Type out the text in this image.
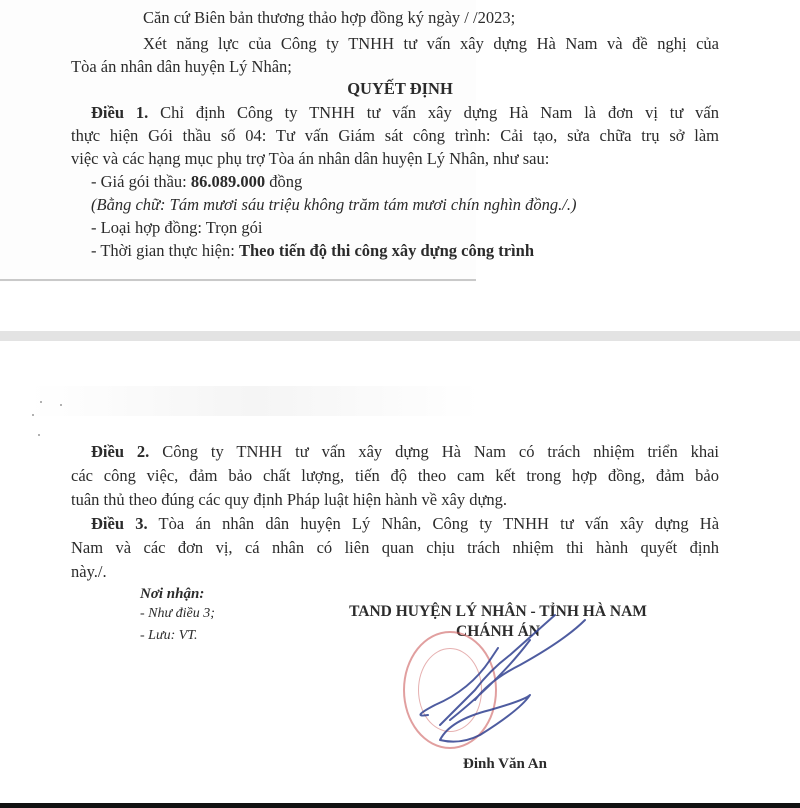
Căn cứ Biên bản thương thảo hợp đồng ký ngày / /2023;
Xét năng lực của Công ty TNHH tư vấn xây dựng Hà Nam và đề nghị của
Tòa án nhân dân huyện Lý Nhân;
QUYẾT ĐỊNH
Điều 1. Chỉ định Công ty TNHH tư vấn xây dựng Hà Nam là đơn vị tư vấn
thực hiện Gói thầu số 04: Tư vấn Giám sát công trình: Cải tạo, sửa chữa trụ sở làm
việc và các hạng mục phụ trợ Tòa án nhân dân huyện Lý Nhân, như sau:
- Giá gói thầu: 86.089.000 đồng
(Bằng chữ: Tám mươi sáu triệu không trăm tám mươi chín nghìn đồng./.)
- Loại hợp đồng: Trọn gói
- Thời gian thực hiện: Theo tiến độ thi công xây dựng công trình
Điều 2. Công ty TNHH tư vấn xây dựng Hà Nam có trách nhiệm triển khai
các công việc, đảm bảo chất lượng, tiến độ theo cam kết trong hợp đồng, đảm bảo
tuân thủ theo đúng các quy định Pháp luật hiện hành về xây dựng.
Điều 3. Tòa án nhân dân huyện Lý Nhân, Công ty TNHH tư vấn xây dựng Hà
Nam và các đơn vị, cá nhân có liên quan chịu trách nhiệm thi hành quyết định
này./.
Nơi nhận:
- Như điều 3;
- Lưu: VT.
TAND HUYỆN LÝ NHÂN - TỈNH HÀ NAM
CHÁNH ÁN
Đinh Văn An
